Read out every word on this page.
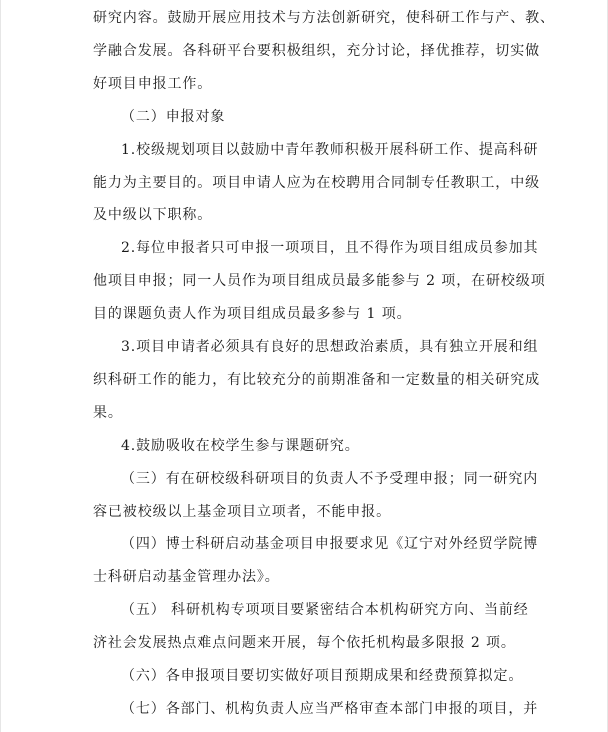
研究内容。鼓励开展应用技术与方法创新研究，使科研工作与产、教、
学融合发展。各科研平台要积极组织，充分讨论，择优推荐，切实做
好项目申报工作。
（二）申报对象
1.校级规划项目以鼓励中青年教师积极开展科研工作、提高科研
能力为主要目的。项目申请人应为在校聘用合同制专任教职工，中级
及中级以下职称。
2.每位申报者只可申报一项项目，且不得作为项目组成员参加其
他项目申报；同一人员作为项目组成员最多能参与 2 项，在研校级项
目的课题负责人作为项目组成员最多参与 1 项。
3.项目申请者必须具有良好的思想政治素质，具有独立开展和组
织科研工作的能力，有比较充分的前期准备和一定数量的相关研究成
果。
4.鼓励吸收在校学生参与课题研究。
（三）有在研校级科研项目的负责人不予受理申报；同一研究内
容已被校级以上基金项目立项者，不能申报。
（四）博士科研启动基金项目申报要求见《辽宁对外经贸学院博
士科研启动基金管理办法》。
（五） 科研机构专项项目要紧密结合本机构研究方向、当前经
济社会发展热点难点问题来开展，每个依托机构最多限报 2 项。
（六）各申报项目要切实做好项目预期成果和经费预算拟定。
（七）各部门、机构负责人应当严格审查本部门申报的项目，并
